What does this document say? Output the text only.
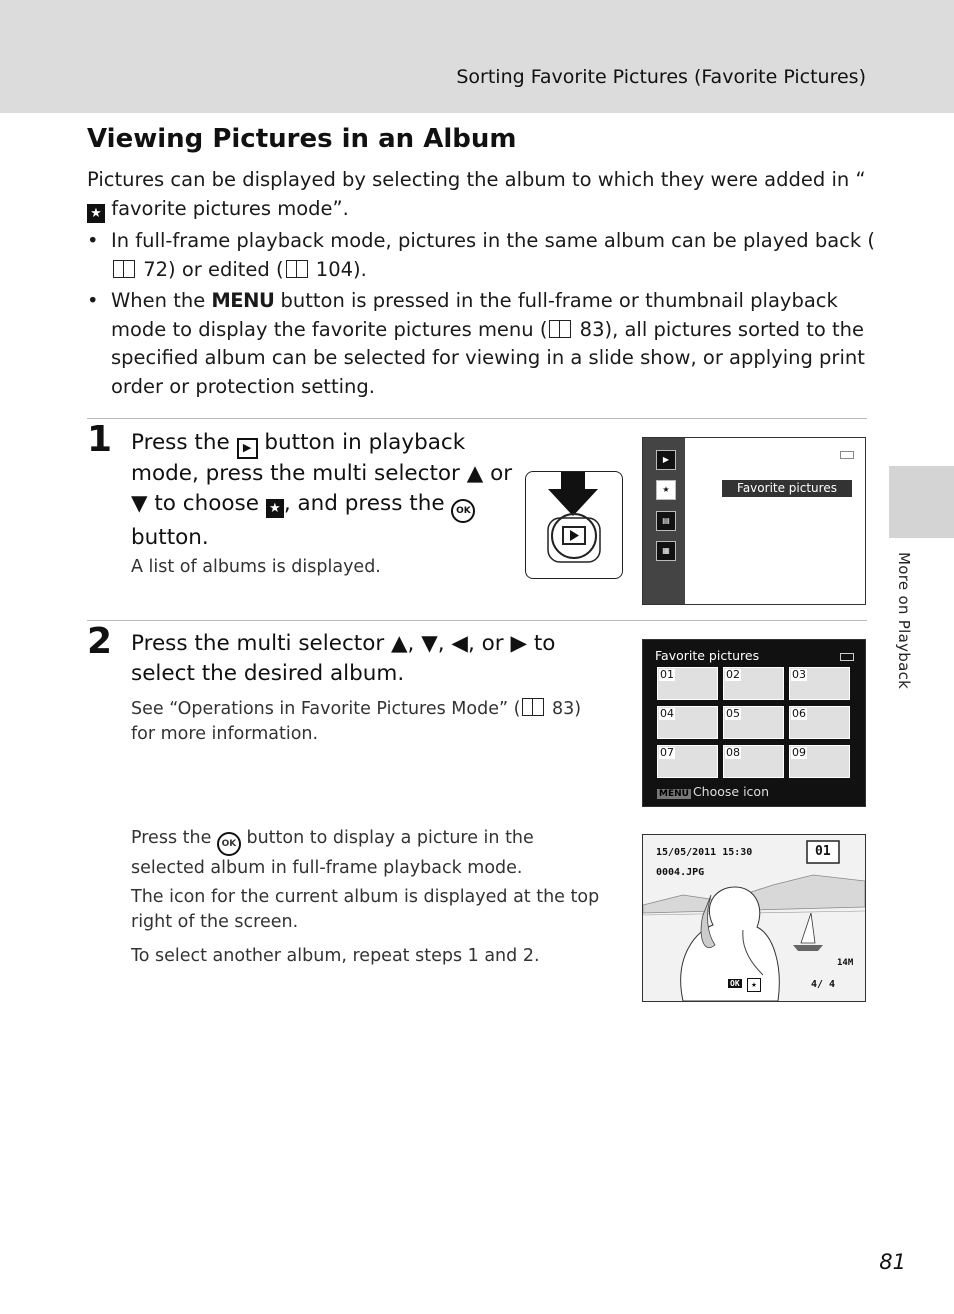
Sorting Favorite Pictures (Favorite Pictures)
More on Playback
Viewing Pictures in an Album

Pictures can be displayed by selecting the album to which they were added in “★ favorite pictures mode”.

• In full-frame playback mode, pictures in the same album can be played back ( 72) or edited ( 104).
• When the MENU button is pressed in the full-frame or thumbnail playback mode to display the favorite pictures menu ( 83), all pictures sorted to the specified album can be selected for viewing in a slide show, or applying print order or protection setting.
1 Press the ▶ button in playback mode, press the multi selector ▲ or ▼ to choose ★ , and press the OK button.

A list of albums is displayed.

▶
★
▤
▦
Favorite pictures
2 Press the multi selector ▲, ▼, ◀, or ▶ to select the desired album.

See “Operations in Favorite Pictures Mode” ( 83) for more information.

Favorite pictures
01	02	03
04	05	06
07	08	09
MENU Choose icon

Press the OK button to display a picture in the selected album in full-frame playback mode.

The icon for the current album is displayed at the top right of the screen.

To select another album, repeat steps 1 and 2.

15/05/2011 15:30
0004.JPG
01
14M
OK	★	4/ 4
81
